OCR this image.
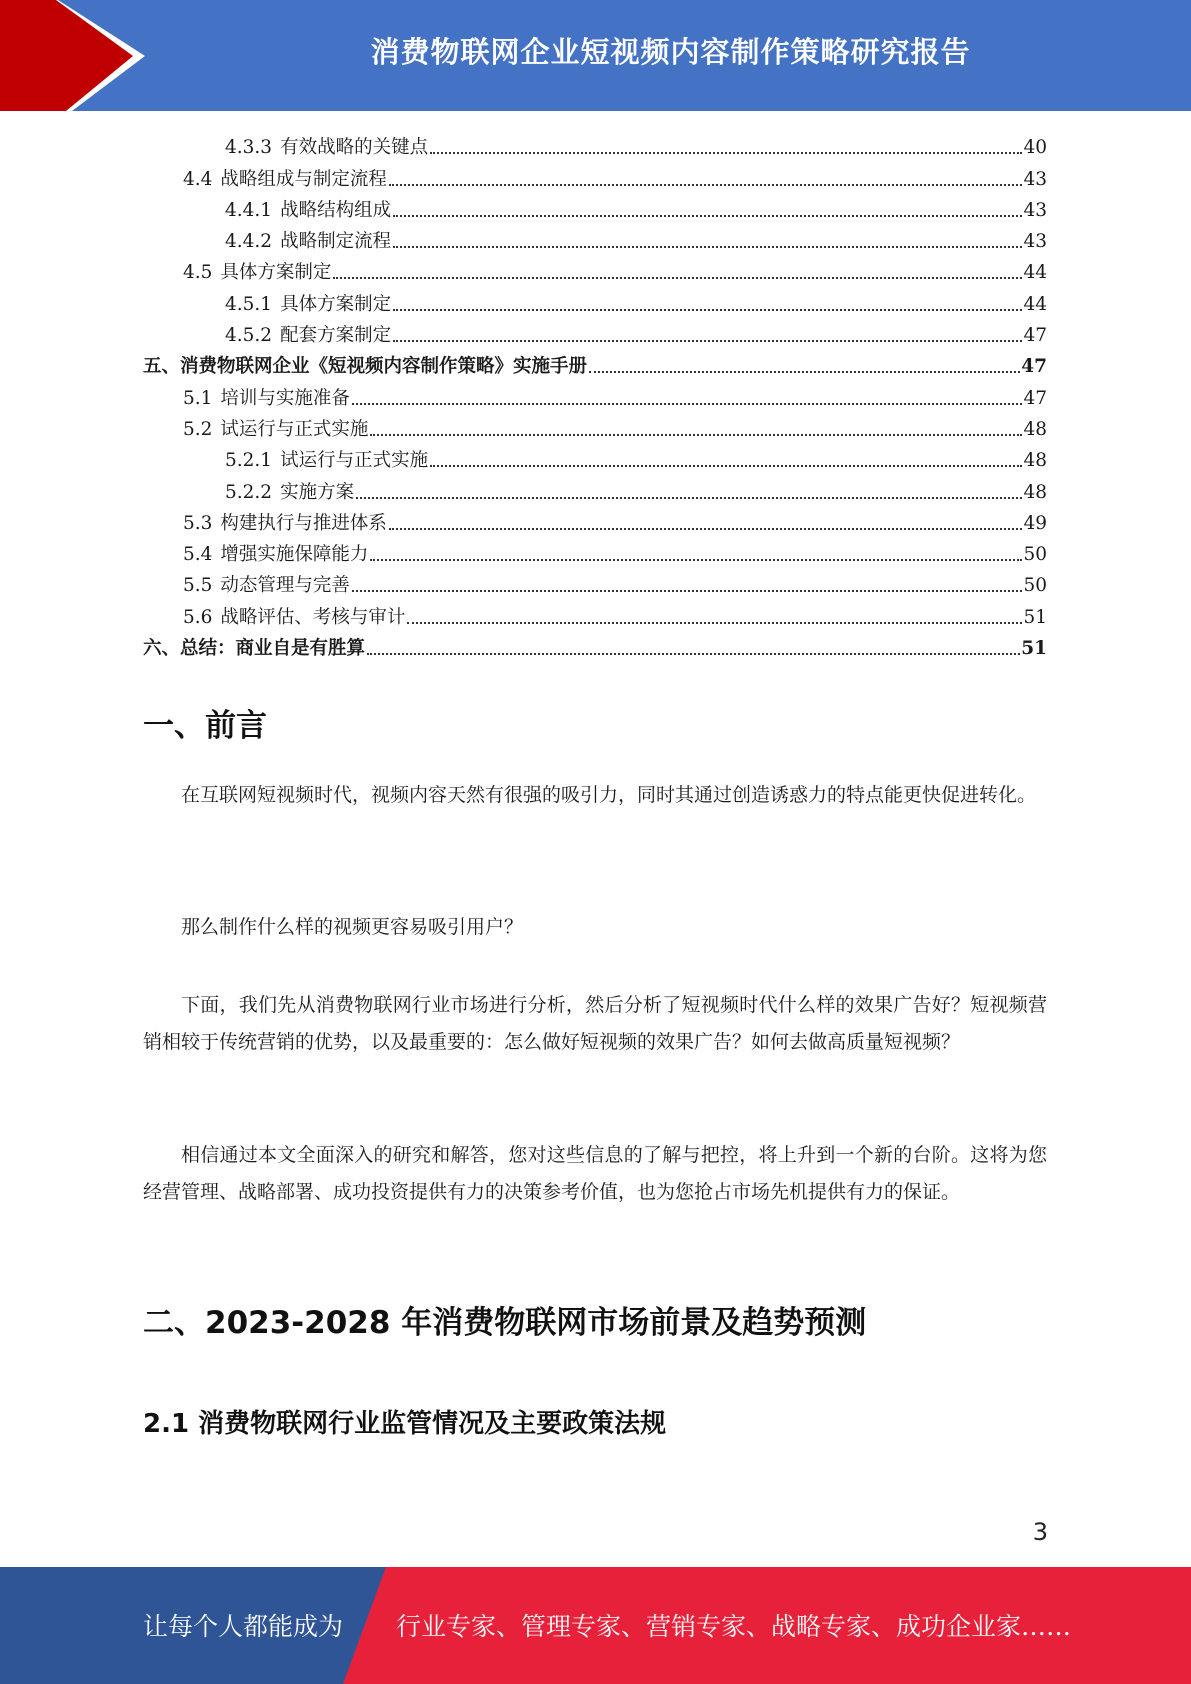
消费物联网企业短视频内容制作策略研究报告
4.3.3 有效战略的关键点	40
4.4 战略组成与制定流程	43
4.4.1 战略结构组成	43
4.4.2 战略制定流程	43
4.5 具体方案制定	44
4.5.1 具体方案制定	44
4.5.2 配套方案制定	47
五、消费物联网企业《短视频内容制作策略》实施手册	47
5.1 培训与实施准备	47
5.2 试运行与正式实施	48
5.2.1 试运行与正式实施	48
5.2.2 实施方案	48
5.3 构建执行与推进体系	49
5.4 增强实施保障能力	50
5.5 动态管理与完善	50
5.6 战略评估、考核与审计	51
六、总结：商业自是有胜算	51
一、前言

在互联网短视频时代，视频内容天然有很强的吸引力，同时其通过创造诱惑力的特点能更快促进转化。

那么制作什么样的视频更容易吸引用户？

下面，我们先从消费物联网行业市场进行分析，然后分析了短视频时代什么样的效果广告好？短视频营销相较于传统营销的优势，以及最重要的：怎么做好短视频的效果广告？如何去做高质量短视频？

相信通过本文全面深入的研究和解答，您对这些信息的了解与把控，将上升到一个新的台阶。这将为您经营管理、战略部署、成功投资提供有力的决策参考价值，也为您抢占市场先机提供有力的保证。

二、2023-2028 年消费物联网市场前景及趋势预测
2.1 消费物联网行业监管情况及主要政策法规
3
让每个人都能成为 行业专家、管理专家、营销专家、战略专家、成功企业家……
